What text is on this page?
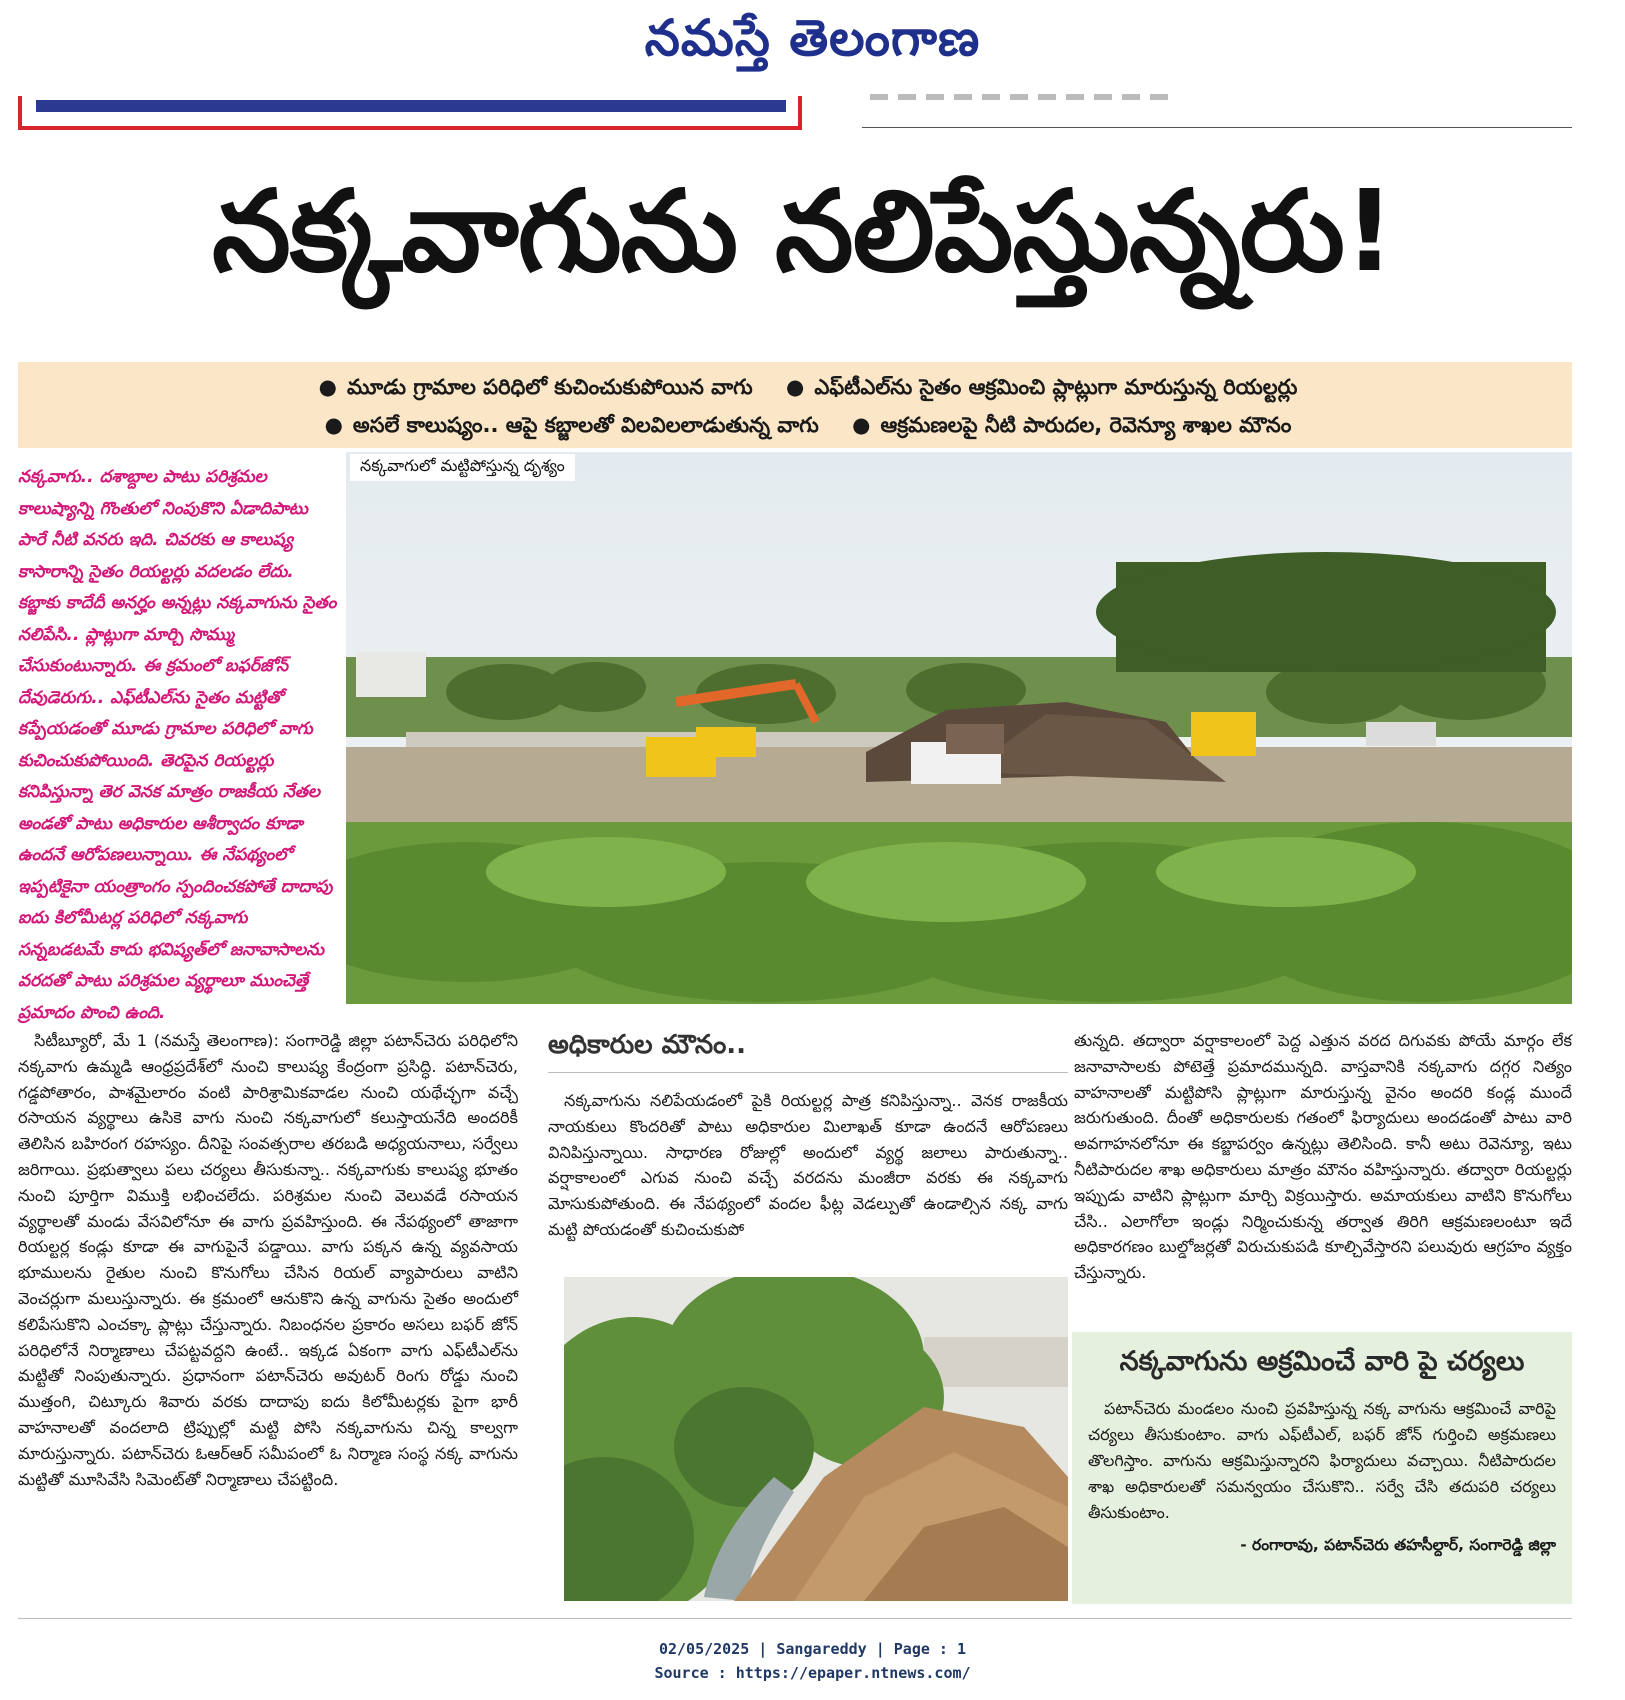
నమస్తే తెలంగాణ
నక్కవాగును నలిపేస్తున్నరు!
● మూడు గ్రామాల పరిధిలో కుచించుకుపోయిన వాగు ● ఎఫ్‌టీఎల్‌ను సైతం ఆక్రమించి ప్లాట్లుగా మారుస్తున్న రియల్టర్లు
● అసలే కాలుష్యం.. ఆపై కబ్జాలతో విలవిలలాడుతున్న వాగు ● ఆక్రమణలపై నీటి పారుదల, రెవెన్యూ శాఖల మౌనం
నక్కవాగు.. దశాబ్దాల పాటు పరిశ్రమల కాలుష్యాన్ని గొంతులో నింపుకొని ఏడాదిపాటు పారే నీటి వనరు ఇది. చివరకు ఆ కాలుష్య కాసారాన్ని సైతం రియల్టర్లు వదలడం లేదు. కబ్జాకు కాదేదీ అనర్హం అన్నట్లు నక్కవాగును సైతం నలిపేసి.. ప్లాట్లుగా మార్చి సొమ్ము చేసుకుంటున్నారు. ఈ క్రమంలో బఫర్‌జోన్ దేవుడెరుగు.. ఎఫ్‌టీఎల్‌ను సైతం మట్టితో కప్పేయడంతో మూడు గ్రామాల పరిధిలో వాగు కుచించుకుపోయింది. తెరపైన రియల్టర్లు కనిపిస్తున్నా తెర వెనక మాత్రం రాజకీయ నేతల అండతో పాటు అధికారుల ఆశీర్వాదం కూడా ఉందనే ఆరోపణలున్నాయి. ఈ నేపథ్యంలో ఇప్పటికైనా యంత్రాంగం స్పందించకపోతే దాదాపు ఐదు కిలోమీటర్ల పరిధిలో నక్కవాగు సన్నబడటమే కాదు భవిష్యత్‌లో జనావాసాలను వరదతో పాటు పరిశ్రమల వ్యర్థాలూ ముంచెత్తే ప్రమాదం పొంచి ఉంది.
నక్కవాగులో మట్టిపోస్తున్న దృశ్యం
సిటీబ్యూరో, మే 1 (నమస్తే తెలంగాణ): సంగారెడ్డి జిల్లా పటాన్‌చెరు పరిధిలోని నక్కవాగు ఉమ్మడి ఆంధ్రప్రదేశ్‌లో నుంచి కాలుష్య కేంద్రంగా ప్రసిద్ధి. పటాన్‌చెరు, గడ్డపోతారం, పాశమైలారం వంటి పారిశ్రామికవాడల నుంచి యథేచ్ఛగా వచ్చే రసాయన వ్యర్థాలు ఉసికె వాగు నుంచి నక్కవాగులో కలుస్తాయనేది అందరికీ తెలిసిన బహిరంగ రహస్యం. దీనిపై సంవత్సరాల తరబడి అధ్యయనాలు, సర్వేలు జరిగాయి. ప్రభుత్వాలు పలు చర్యలు తీసుకున్నా.. నక్కవాగుకు కాలుష్య భూతం నుంచి పూర్తిగా విముక్తి లభించలేదు. పరిశ్రమల నుంచి వెలువడే రసాయన వ్యర్థాలతో మండు వేసవిలోనూ ఈ వాగు ప్రవహిస్తుంది. ఈ నేపథ్యంలో తాజాగా రియల్టర్ల కండ్లు కూడా ఈ వాగుపైనే పడ్డాయి. వాగు పక్కన ఉన్న వ్యవసాయ భూములను రైతుల నుంచి కొనుగోలు చేసిన రియల్ వ్యాపారులు వాటిని వెంచర్లుగా మలుస్తున్నారు. ఈ క్రమంలో ఆనుకొని ఉన్న వాగును సైతం అందులో కలిపేసుకొని ఎంచక్కా ప్లాట్లు చేస్తున్నారు. నిబంధనల ప్రకారం అసలు బఫర్ జోన్ పరిధిలోనే నిర్మాణాలు చేపట్టవద్దని ఉంటే.. ఇక్కడ ఏకంగా వాగు ఎఫ్‌టీఎల్‌ను మట్టితో నింపుతున్నారు. ప్రధానంగా పటాన్‌చెరు అవుటర్ రింగు రోడ్డు నుంచి ముత్తంగి, చిట్కూరు శివారు వరకు దాదాపు ఐదు కిలోమీటర్లకు పైగా భారీ వాహనాలతో వందలాది ట్రిప్పుల్లో మట్టి పోసి నక్కవాగును చిన్న కాల్వగా మారుస్తున్నారు. పటాన్‌చెరు ఓఆర్‌ఆర్ సమీపంలో ఓ నిర్మాణ సంస్థ నక్క వాగును మట్టితో మూసివేసి సిమెంట్‌తో నిర్మాణాలు చేపట్టింది.
అధికారుల మౌనం..
నక్కవాగును నలిపేయడంలో పైకి రియల్టర్ల పాత్ర కనిపిస్తున్నా.. వెనక రాజకీయ నాయకులు కొందరితో పాటు అధికారుల మిలాఖత్ కూడా ఉందనే ఆరోపణలు వినిపిస్తున్నాయి. సాధారణ రోజుల్లో అందులో వ్యర్థ జలాలు పారుతున్నా.. వర్షాకాలంలో ఎగువ నుంచి వచ్చే వరదను మంజీరా వరకు ఈ నక్కవాగు మోసుకుపోతుంది. ఈ నేపథ్యంలో వందల ఫీట్ల వెడల్పుతో ఉండాల్సిన నక్క వాగు మట్టి పోయడంతో కుచించుకుపో
తున్నది. తద్వారా వర్షాకాలంలో పెద్ద ఎత్తున వరద దిగువకు పోయే మార్గం లేక జనావాసాలకు పోటెత్తే ప్రమాదమున్నది. వాస్తవానికి నక్కవాగు దగ్గర నిత్యం వాహనాలతో మట్టిపోసి ప్లాట్లుగా మారుస్తున్న వైనం అందరి కండ్ల ముందే జరుగుతుంది. దీంతో అధికారులకు గతంలో ఫిర్యాదులు అందడంతో పాటు వారి అవగాహనలోనూ ఈ కబ్జాపర్వం ఉన్నట్లు తెలిసింది. కానీ అటు రెవెన్యూ, ఇటు నీటిపారుదల శాఖ అధికారులు మాత్రం మౌనం వహిస్తున్నారు. తద్వారా రియల్టర్లు ఇప్పుడు వాటిని ప్లాట్లుగా మార్చి విక్రయిస్తారు. అమాయకులు వాటిని కొనుగోలు చేసి.. ఎలాగోలా ఇండ్లు నిర్మించుకున్న తర్వాత తిరిగి ఆక్రమణలంటూ ఇదే అధికారగణం బుల్డోజర్లతో విరుచుకుపడి కూల్చివేస్తారని పలువురు ఆగ్రహం వ్యక్తం చేస్తున్నారు.
నక్కవాగును అక్రమించే వారి పై చర్యలు
పటాన్‌చెరు మండలం నుంచి ప్రవహిస్తున్న నక్క వాగును ఆక్రమించే వారిపై చర్యలు తీసుకుంటాం. వాగు ఎఫ్‌టీఎల్, బఫర్ జోన్ గుర్తించి అక్రమణలు తొలగిస్తాం. వాగును ఆక్రమిస్తున్నారని ఫిర్యాదులు వచ్చాయి. నీటిపారుదల శాఖ అధికారులతో సమన్వయం చేసుకొని.. సర్వే చేసి తదుపరి చర్యలు తీసుకుంటాం.
- రంగారావు, పటాన్‌చెరు తహసీల్దార్, సంగారెడ్డి జిల్లా
02/05/2025 | Sangareddy | Page : 1
Source : https://epaper.ntnews.com/
